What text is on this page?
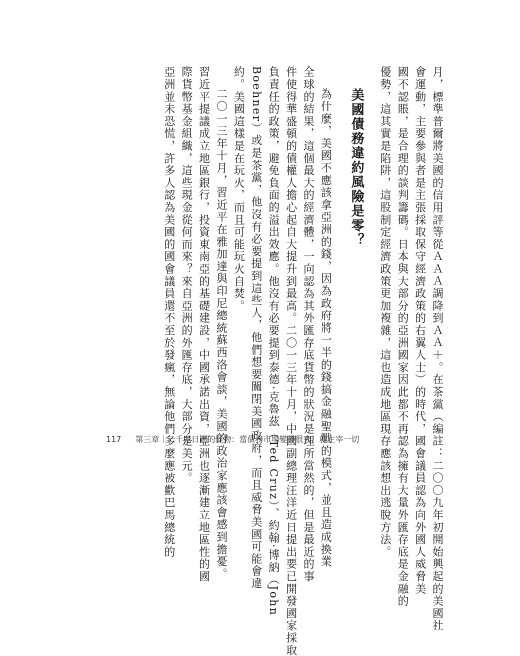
月，標準普爾將美國的信用評等從ＡＡＡ調降到ＡＡ＋。在茶黨（編註：二〇〇九年初開始興起的美國社

會運動，主要參與者是主張採取保守經濟政策的右翼人士）的時代，國會議員認為向外國人威脅美

國不認賬，是合理的談判籌碼。日本與大部分的亞洲國家因此都不再認為擁有大量外匯存底是金融的

優勢，這其實是陷阱，這股制定經濟政策更加複雜，這也造成地區現存應該想出逃脫方法。

美國債務違約風險是零？

為什麼，美國不應該拿亞洲的錢，因為政府將一半的錢搞金融聖戰的模式，並且造成換業

全球的結果，這個最大的經濟體，一向認為其外匯存底貨幣的狀況是理所當然的，但是最近的事

件使得華盛頓的債權人擔心起自大提升到最高。二〇一三年十月，中國副總理汪洋近日提出要已開發國家採取

負責任的政策，避免負面的溢出效應。他沒有必要提到泰德·克魯茲（Ted Cruz）、約翰·博納（John

Boehner）或是茶黨，他沒有必要提到這些人，他們想要關閉美國政府，而且威脅美國可能會違

約。美國這樣是在玩火，而且可能玩火自焚。

二〇一三年十月，習近平在雅加達與印尼總統蘇西洛會談，美國的政治家應該會感到擔憂。

習近平提議成立地區銀行，投資東南亞的基礎建設，中國承諾出資，亞洲也逐漸建立地區性的國

際貨幣基金組織，這些現金從何而來？來自亞洲的外匯存底，大部分是美元。

亞洲並未恐慌，許多人認為美國的國會議員還不至於發瘋，無論他們多麼應被歡巴馬總統的

117 第三章｜一千兆日圓的怪物：當債務市場變得很大，就主宰一切
